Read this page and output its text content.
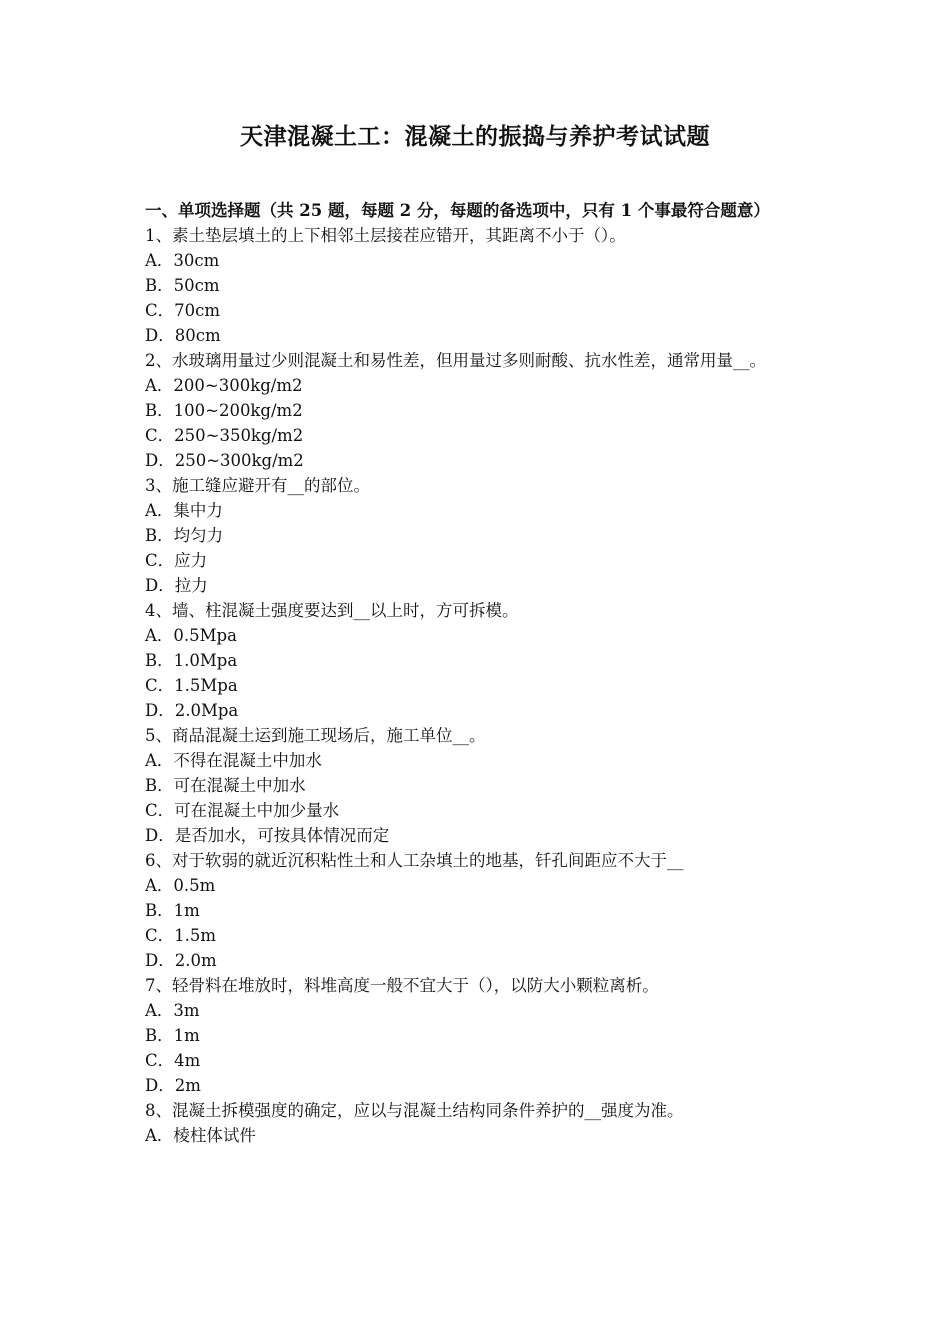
天津混凝土工：混凝土的振捣与养护考试试题
一、单项选择题（共 25 题，每题 2 分，每题的备选项中，只有 1 个事最符合题意）
1、素土垫层填土的上下相邻土层接茬应错开，其距离不小于（）。
A．30cm
B．50cm
C．70cm
D．80cm
2、水玻璃用量过少则混凝土和易性差，但用量过多则耐酸、抗水性差，通常用量__。
A．200~300kg/m2
B．100~200kg/m2
C．250~350kg/m2
D．250~300kg/m2
3、施工缝应避开有__的部位。
A．集中力
B．均匀力
C．应力
D．拉力
4、墙、柱混凝土强度要达到__以上时，方可拆模。
A．0.5Mpa
B．1.0Mpa
C．1.5Mpa
D．2.0Mpa
5、商品混凝土运到施工现场后，施工单位__。
A．不得在混凝土中加水
B．可在混凝土中加水
C．可在混凝土中加少量水
D．是否加水，可按具体情况而定
6、对于软弱的就近沉积粘性土和人工杂填土的地基，钎孔间距应不大于__
A．0.5m
B．1m
C．1.5m
D．2.0m
7、轻骨料在堆放时，料堆高度一般不宜大于（），以防大小颗粒离析。
A．3m
B．1m
C．4m
D．2m
8、混凝土拆模强度的确定，应以与混凝土结构同条件养护的__强度为准。
A．棱柱体试件
